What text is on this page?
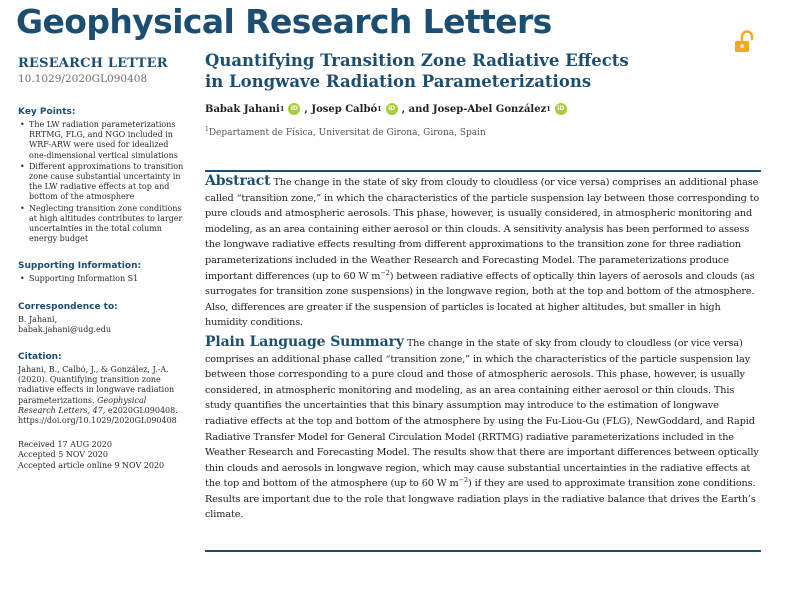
Geophysical Research Letters
RESEARCH LETTER
10.1029/2020GL090408
Key Points:
• The LW radiation parameterizations RRTMG, FLG, and NGO included in WRF-ARW were used for idealized one-dimensional vertical simulations
• Different approximations to transition zone cause substantial uncertainty in the LW radiative effects at top and bottom of the atmosphere
• Neglecting transition zone conditions at high altitudes contributes to larger uncertainties in the total column energy budget
Supporting Information:
• Supporting Information S1
Correspondence to:
B. Jahani,
babak.jahani@udg.edu
Citation:
Jahani, B., Calbó, J., & González, J.-A. (2020). Quantifying transition zone radiative effects in longwave radiation parameterizations. Geophysical Research Letters, 47, e2020GL090408. https://doi.org/10.1029/2020GL090408
Received 17 AUG 2020
Accepted 5 NOV 2020
Accepted article online 9 NOV 2020
Quantifying Transition Zone Radiative Effects
in Longwave Radiation Parameterizations
Babak Jahani 1	iD ,
Josep Calbó 1	iD , and
Josep-Abel González 1	iD
$^1$Departament de Física, Universitat de Girona, Girona, Spain

Abstract The change in the state of sky from cloudy to cloudless (or vice versa) comprises an additional phase called “transition zone,” in which the characteristics of the particle suspension lay between those corresponding to pure clouds and atmospheric aerosols. This phase, however, is usually considered, in atmospheric monitoring and modeling, as an area containing either aerosol or thin clouds. A sensitivity analysis has been performed to assess the longwave radiative effects resulting from different approximations to the transition zone for three radiation parameterizations included in the Weather Research and Forecasting Model. The parameterizations produce important differences (up to 60 W $m^{-2}$) between radiative effects of optically thin layers of aerosols and clouds (as surrogates for transition zone suspensions) in the longwave region, both at the top and bottom of the atmosphere. Also, differences are greater if the suspension of particles is located at higher altitudes, but smaller in high humidity conditions.

Plain Language Summary The change in the state of sky from cloudy to cloudless (or vice versa) comprises an additional phase called “transition zone,” in which the characteristics of the particle suspension lay between those corresponding to a pure cloud and those of atmospheric aerosols. This phase, however, is usually considered, in atmospheric monitoring and modeling, as an area containing either aerosol or thin clouds. This study quantifies the uncertainties that this binary assumption may introduce to the estimation of longwave radiative effects at the top and bottom of the atmosphere by using the Fu-Liou-Gu (FLG), NewGoddard, and Rapid Radiative Transfer Model for General Circulation Model (RRTMG) radiative parameterizations included in the Weather Research and Forecasting Model. The results show that there are important differences between optically thin clouds and aerosols in longwave region, which may cause substantial uncertainties in the radiative effects at the top and bottom of the atmosphere (up to 60 W $m^{-2}$) if they are used to approximate transition zone conditions. Results are important due to the role that longwave radiation plays in the radiative balance that drives the Earth’s climate.
